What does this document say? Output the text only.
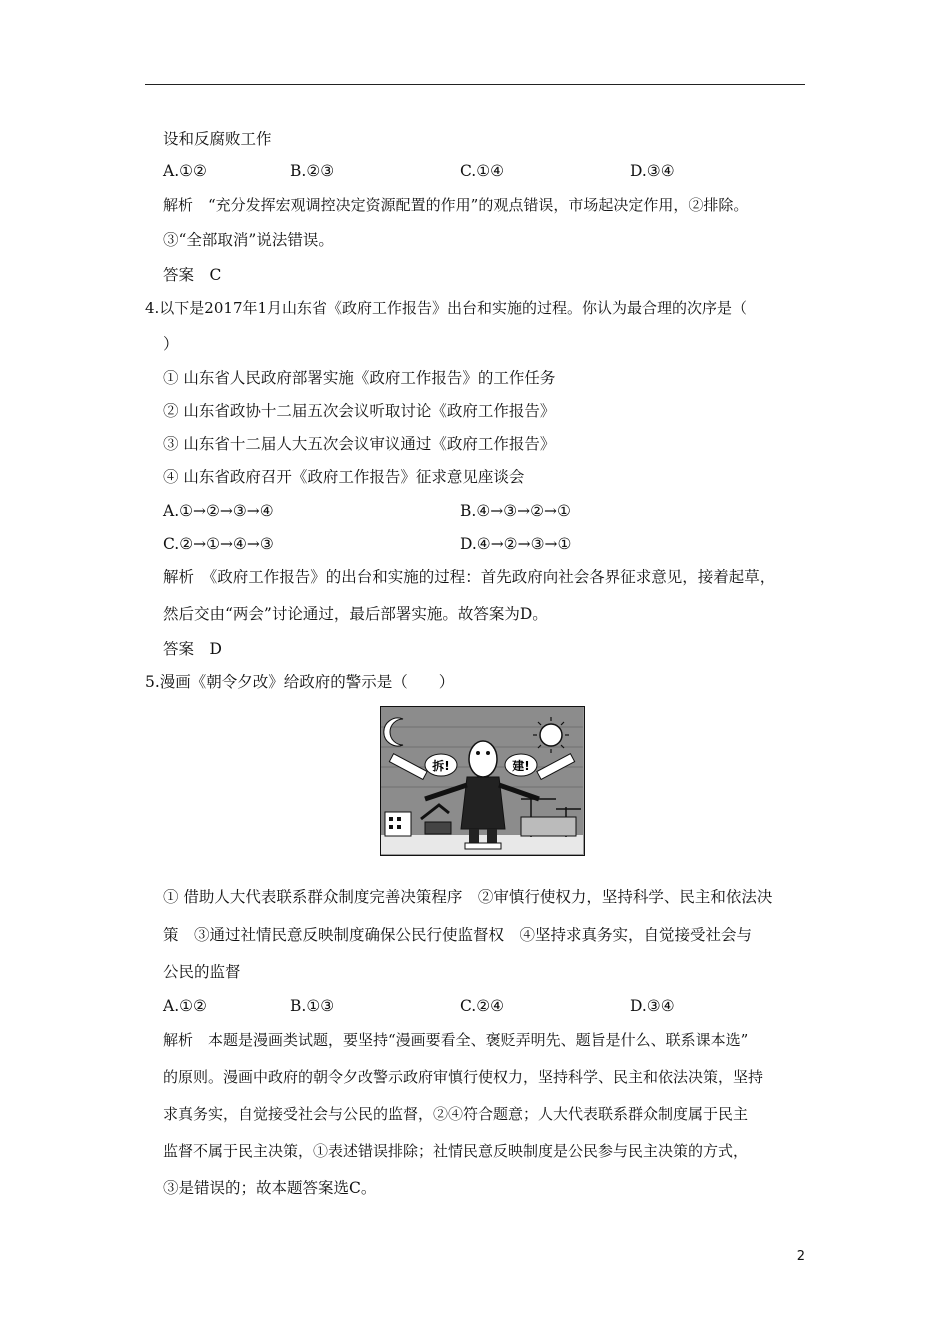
设和反腐败工作
A.①②	B.②③	C.①④	D.③④
解析　“充分发挥宏观调控决定资源配置的作用”的观点错误，市场起决定作用，②排除。
③“全部取消”说法错误。
答案　C
4.以下是2017年1月山东省《政府工作报告》出台和实施的过程。你认为最合理的次序是（
）
① 山东省人民政府部署实施《政府工作报告》的工作任务
② 山东省政协十二届五次会议听取讨论《政府工作报告》
③ 山东省十二届人大五次会议审议通过《政府工作报告》
④ 山东省政府召开《政府工作报告》征求意见座谈会
A.①→②→③→④	B.④→③→②→①
C.②→①→④→③	D.④→②→③→①
解析　《政府工作报告》的出台和实施的过程：首先政府向社会各界征求意见，接着起草，
然后交由“两会”讨论通过，最后部署实施。故答案为D。
答案　D
5.漫画《朝令夕改》给政府的警示是（　　）
拆!	建!
① 借助人大代表联系群众制度完善决策程序　②审慎行使权力，坚持科学、民主和依法决
策　③通过社情民意反映制度确保公民行使监督权　④坚持求真务实，自觉接受社会与
公民的监督
A.①②	B.①③	C.②④	D.③④
解析　本题是漫画类试题，要坚持“漫画要看全、褒贬弄明先、题旨是什么、联系课本选”
的原则。漫画中政府的朝令夕改警示政府审慎行使权力，坚持科学、民主和依法决策，坚持
求真务实，自觉接受社会与公民的监督，②④符合题意；人大代表联系群众制度属于民主
监督不属于民主决策，①表述错误排除；社情民意反映制度是公民参与民主决策的方式，
③是错误的；故本题答案选C。
2
